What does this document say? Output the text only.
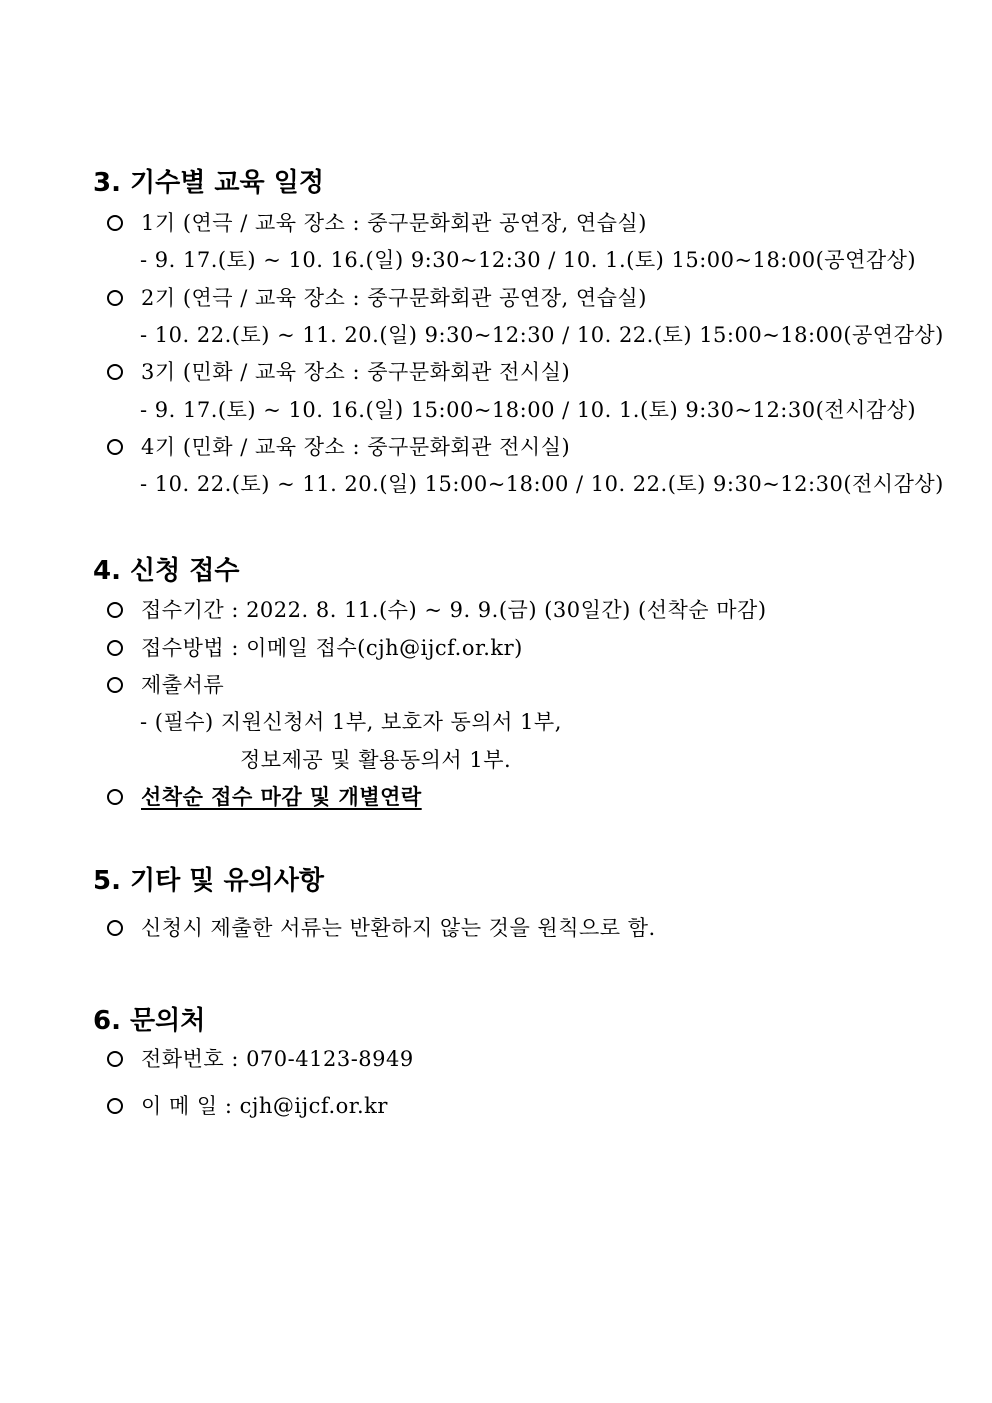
3. 기수별 교육 일정
1기 (연극 / 교육 장소 : 중구문화회관 공연장, 연습실)
- 9. 17.(토) ~ 10. 16.(일) 9:30~12:30 / 10. 1.(토) 15:00~18:00(공연감상)
2기 (연극 / 교육 장소 : 중구문화회관 공연장, 연습실)
- 10. 22.(토) ~ 11. 20.(일) 9:30~12:30 / 10. 22.(토) 15:00~18:00(공연감상)
3기 (민화 / 교육 장소 : 중구문화회관 전시실)
- 9. 17.(토) ~ 10. 16.(일) 15:00~18:00 / 10. 1.(토) 9:30~12:30(전시감상)
4기 (민화 / 교육 장소 : 중구문화회관 전시실)
- 10. 22.(토) ~ 11. 20.(일) 15:00~18:00 / 10. 22.(토) 9:30~12:30(전시감상)
4. 신청 접수
접수기간 : 2022. 8. 11.(수) ~ 9. 9.(금) (30일간) (선착순 마감)
접수방법 : 이메일 접수(cjh@ijcf.or.kr)
제출서류
- (필수) 지원신청서 1부, 보호자 동의서 1부,
정보제공 및 활용동의서 1부.
선착순 접수 마감 및 개별연락
5. 기타 및 유의사항
신청시 제출한 서류는 반환하지 않는 것을 원칙으로 함.
6. 문의처
전화번호 : 070-4123-8949
이 메 일 : cjh@ijcf.or.kr
